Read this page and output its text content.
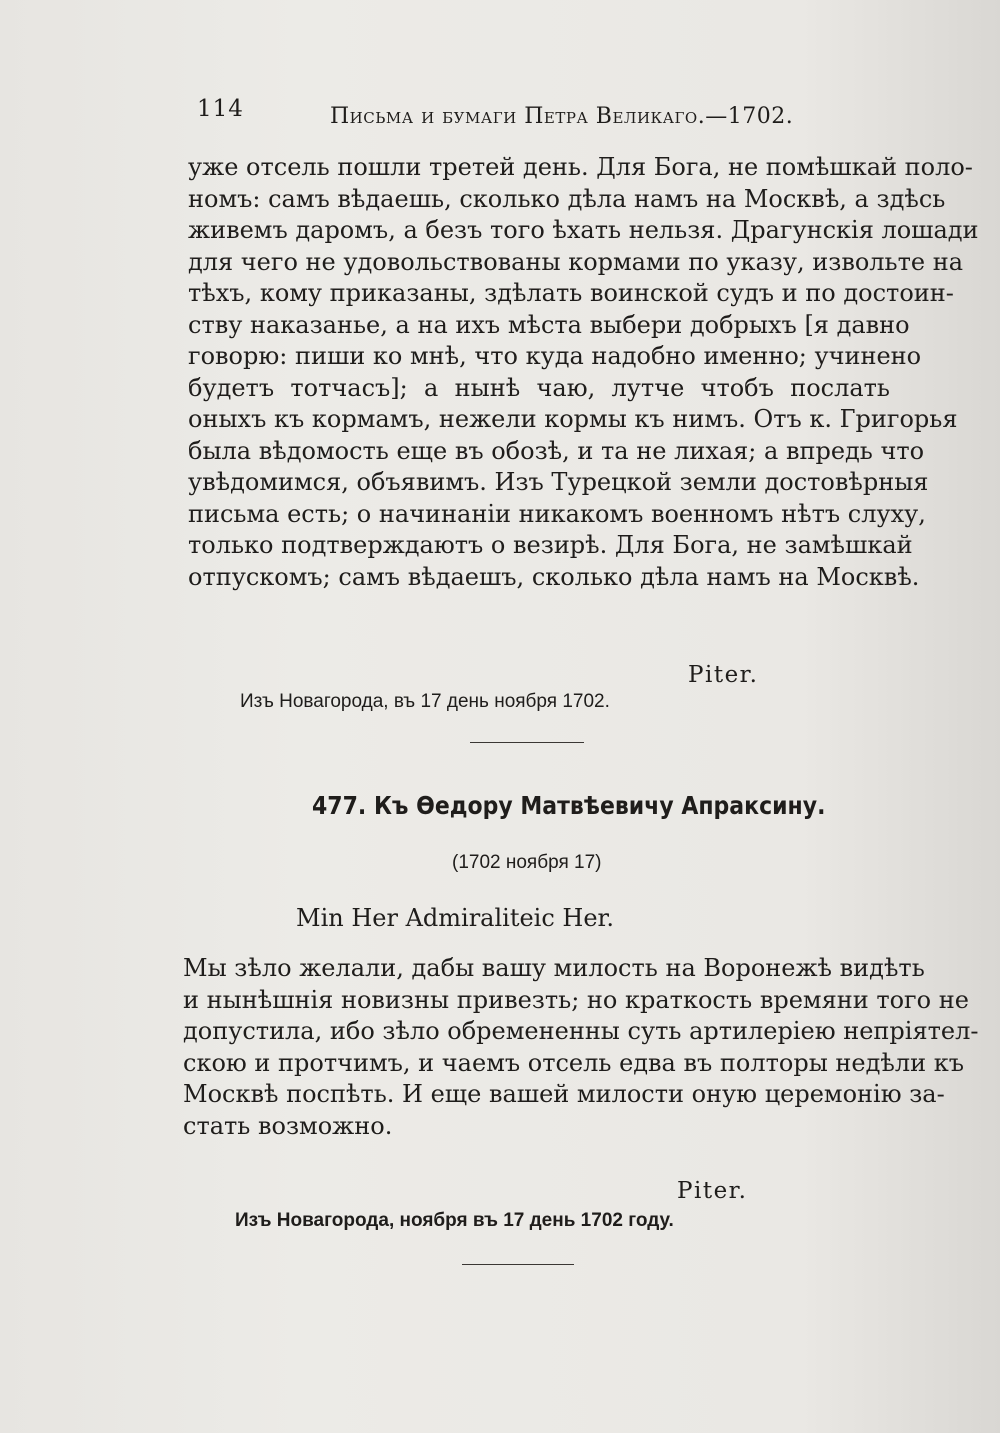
114	Письма и бумаги Петра Великаго.—1702.
уже отсель пошли третей день. Для Бога, не помѣшкай поло-
номъ: самъ вѣдаешь, сколько дѣла намъ на Москвѣ, а здѣсь
живемъ даромъ, а безъ того ѣхать нельзя. Драгунскія лошади
для чего не удовольствованы кормами по указу, извольте на
тѣхъ, кому приказаны, здѣлать воинской судъ и по достоин-
ству наказанье, а на ихъ мѣста выбери добрыхъ [я давно
говорю: пиши ко мнѣ, что куда надобно именно; учинено
будетъ тотчасъ]; а нынѣ чаю, лутче чтобъ послать
оныхъ къ кормамъ, нежели кормы къ нимъ. Отъ к. Григорья
была вѣдомость еще въ обозѣ, и та не лихая; а впредь что
увѣдомимся, объявимъ. Изъ Турецкой земли достовѣрныя
письма есть; о начинаніи никакомъ военномъ нѣтъ слуху,
только подтверждаютъ о везирѣ. Для Бога, не замѣшкай
отпускомъ; самъ вѣдаешъ, сколько дѣла намъ на Москвѣ.
Piter.
Изъ Новагорода, въ 17 день ноября 1702.
477. Къ Ѳедору Матвѣевичу Апраксину.
(1702 ноября 17)
Min Her Admiraliteic Her.
Мы зѣло желали, дабы вашу милость на Воронежѣ видѣть
и нынѣшнія новизны привезть; но краткость времяни того не
допустила, ибо зѣло обремененны суть артилеріею непріятел-
скою и протчимъ, и чаемъ отсель едва въ полторы недѣли къ
Москвѣ поспѣть. И еще вашей милости оную церемонію за-
стать возможно.
Piter.
Изъ Новагорода, ноября въ 17 день 1702 году.
